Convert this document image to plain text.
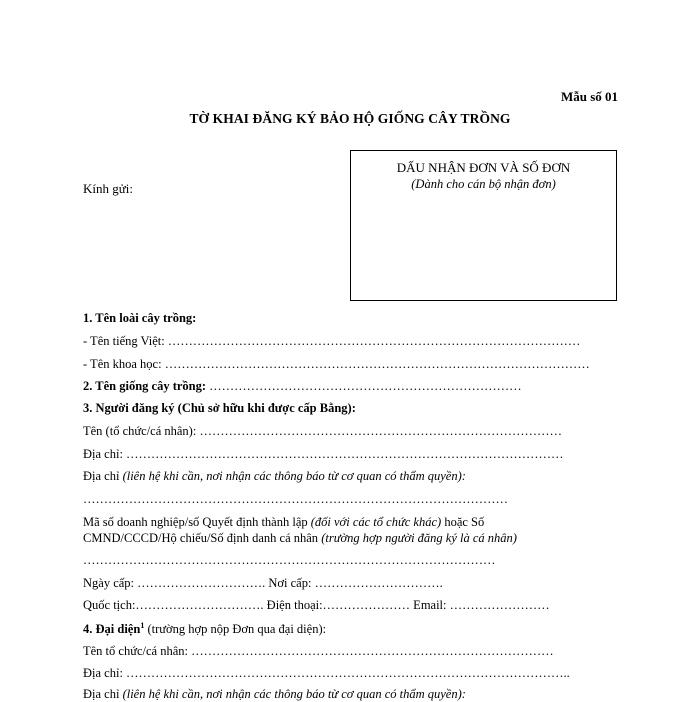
Mẫu số 01
TỜ KHAI ĐĂNG KÝ BẢO HỘ GIỐNG CÂY TRỒNG
DẤU NHẬN ĐƠN VÀ SỐ ĐƠN
(Dành cho cán bộ nhận đơn)
Kính gửi:
1. Tên loài cây trồng:
- Tên tiếng Việt: ………………………………………………………………………………………
- Tên khoa học: …………………………………………………………………………………………
2. Tên giống cây trồng: …………………………………………………………………
3. Người đăng ký (Chủ sở hữu khi được cấp Bằng):
Tên (tổ chức/cá nhân): ……………………………………………………………………………
Địa chỉ: ……………………………………………………………………………………………
Địa chỉ (liên hệ khi cần, nơi nhận các thông báo từ cơ quan có thẩm quyền):
…………………………………………………………………………………………
Mã số doanh nghiệp/số Quyết định thành lập (đối với các tổ chức khác) hoặc Số
CMND/CCCD/Hộ chiếu/Số định danh cá nhân (trường hợp người đăng ký là cá nhân)
………………………………………………………………………………………
Ngày cấp: …………………………. Nơi cấp: ………………………….
Quốc tịch:…………………………. Điện thoại:………………… Email: ……………………
4. Đại diện$^1$ (trường hợp nộp Đơn qua đại diện):
Tên tổ chức/cá nhân: ……………………………………………………………………………
Địa chỉ: ……………………………………………………………………………………………..
Địa chỉ (liên hệ khi cần, nơi nhận các thông báo từ cơ quan có thẩm quyền):
